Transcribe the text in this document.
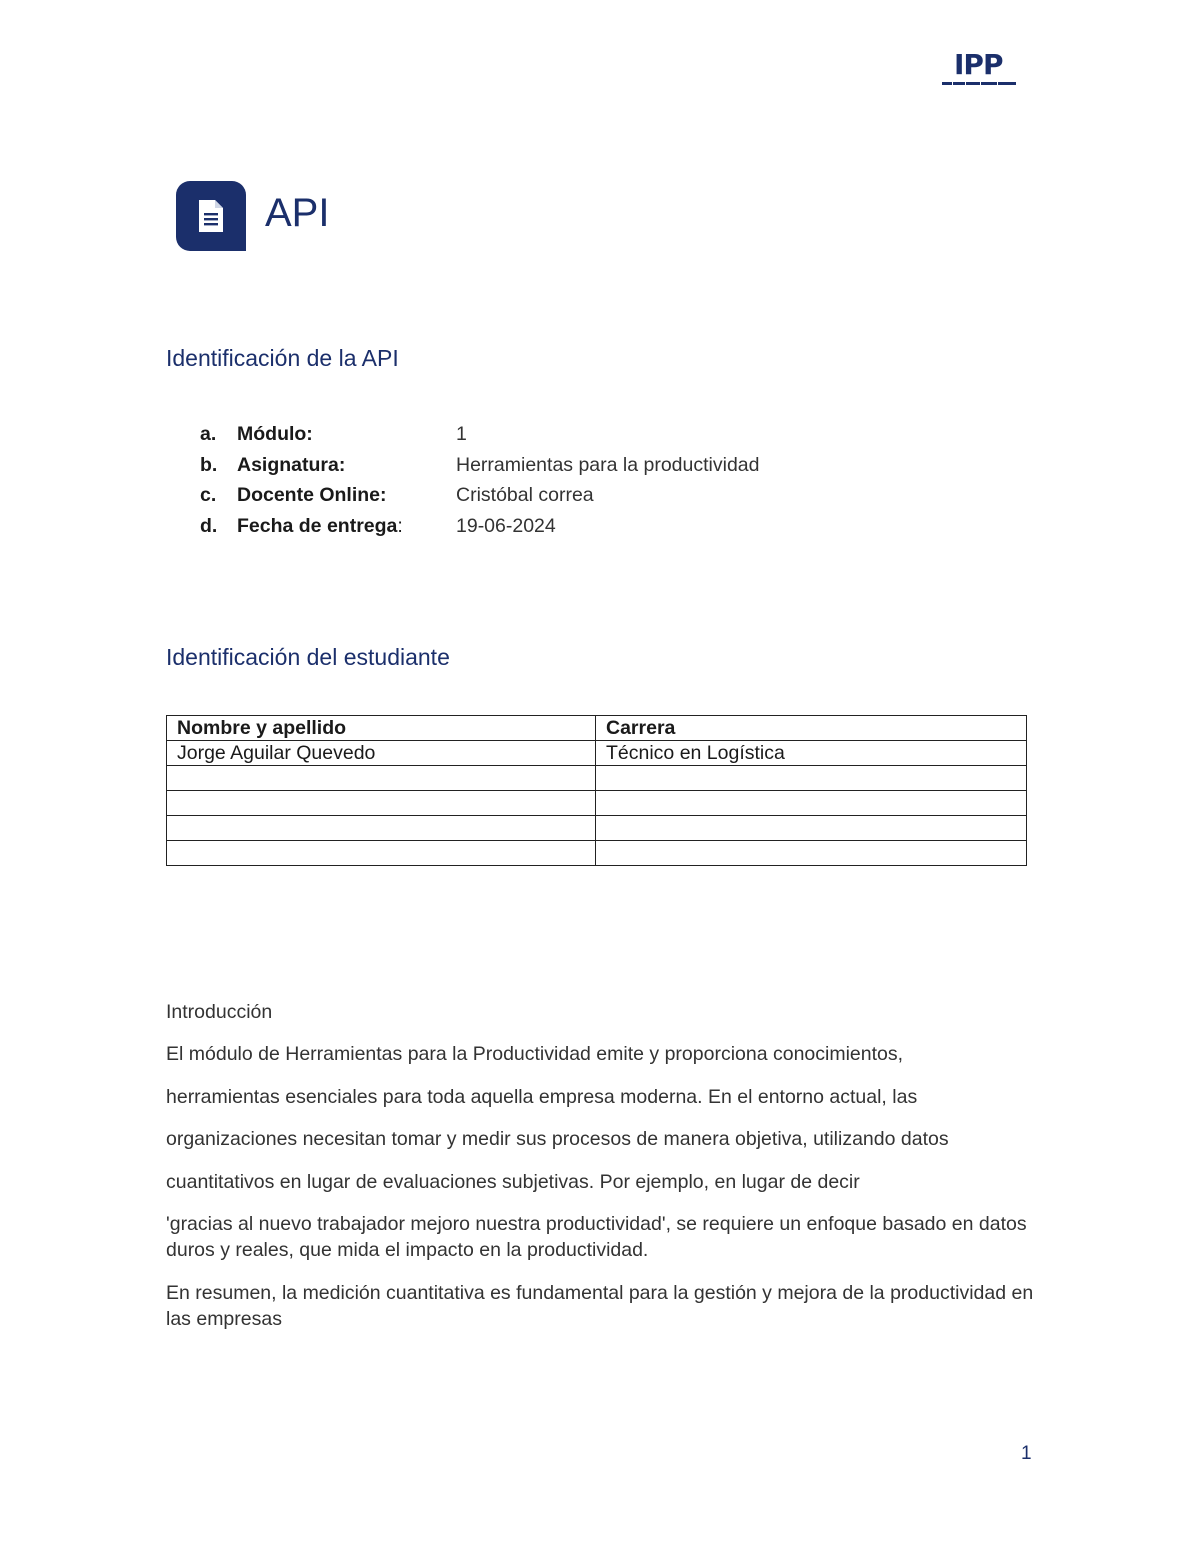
IPP
API
Identificación de la API
a.	Módulo:	1
b.	Asignatura:	Herramientas para la productividad
c.	Docente Online:	Cristóbal correa
d.	Fecha de entrega:	19-06-2024
Identificación del estudiante
Nombre y apellido	Carrera
Jorge Aguilar Quevedo	Técnico en Logística

Introducción
El módulo de Herramientas para la Productividad emite y proporciona conocimientos,
herramientas esenciales para toda aquella empresa moderna. En el entorno actual, las
organizaciones necesitan tomar y medir sus procesos de manera objetiva, utilizando datos
cuantitativos en lugar de evaluaciones subjetivas. Por ejemplo, en lugar de decir

'gracias al nuevo trabajador mejoro nuestra productividad', se requiere un enfoque basado en datos duros y reales, que mida el impacto en la productividad.

En resumen, la medición cuantitativa es fundamental para la gestión y mejora de la productividad en las empresas

1
